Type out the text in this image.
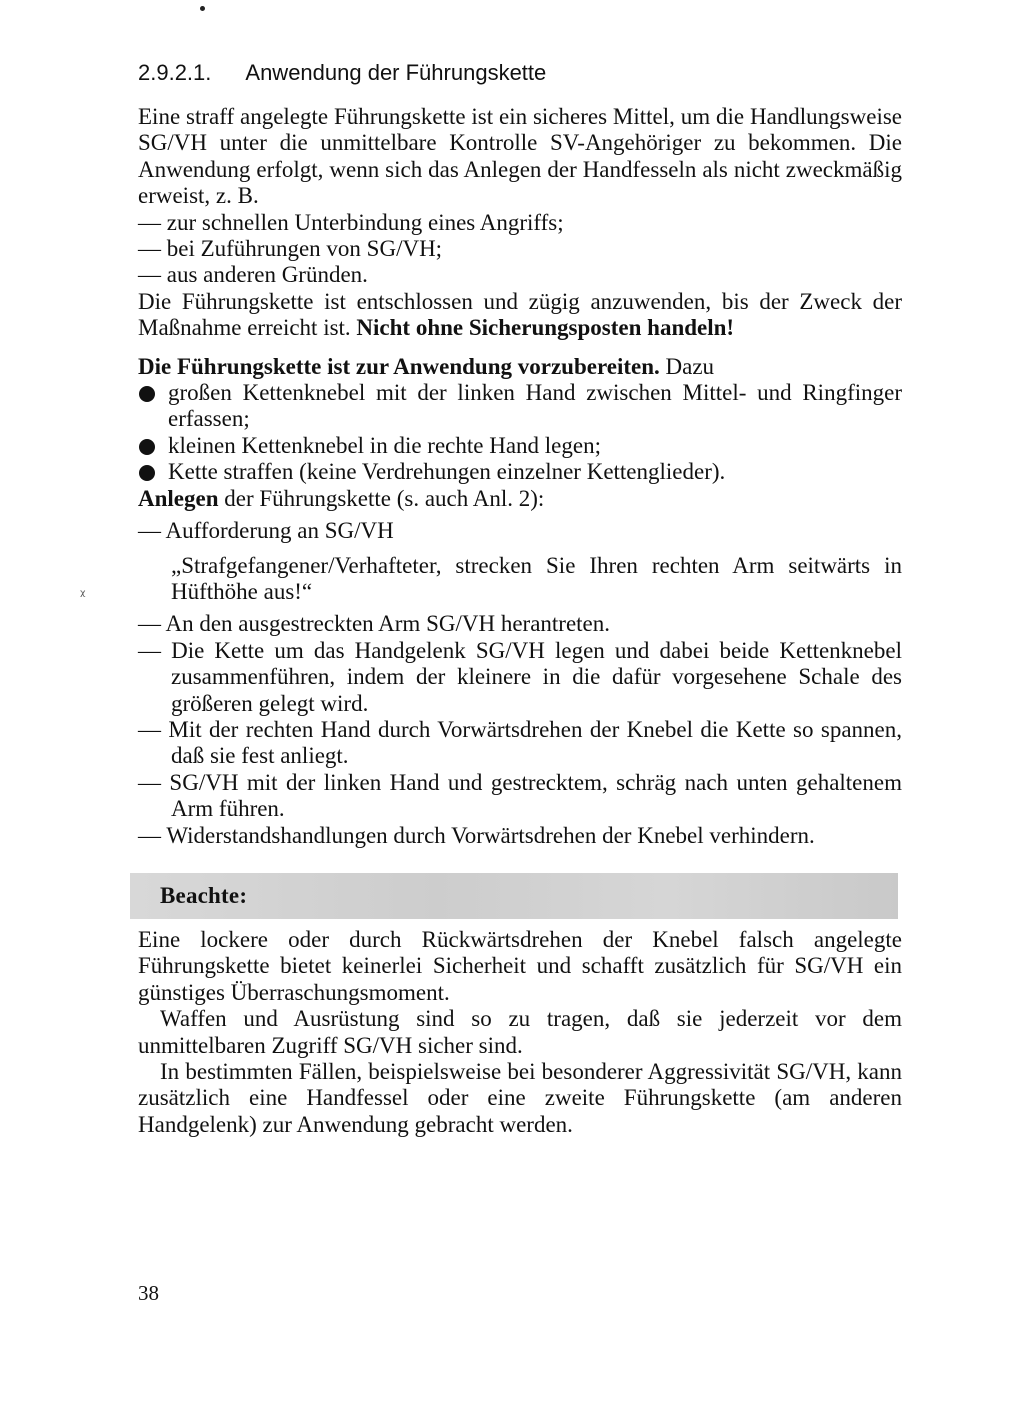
ᵡ
2.9.2.1. Anwendung der Führungskette

Eine straff angelegte Führungskette ist ein sicheres Mittel, um die Handlungsweise SG/VH unter die unmittelbare Kontrolle SV-Angehöriger zu bekommen. Die Anwendung erfolgt, wenn sich das Anlegen der Handfesseln als nicht zweckmäßig erweist, z. B.

— zur schnellen Unterbindung eines Angriffs;
— bei Zuführungen von SG/VH;
— aus anderen Gründen.

Die Führungskette ist entschlossen und zügig anzuwenden, bis der Zweck der Maßnahme erreicht ist. Nicht ohne Sicherungsposten handeln!

Die Führungskette ist zur Anwendung vorzubereiten. Dazu

großen Kettenknebel mit der linken Hand zwischen Mittel- und Ringfinger erfassen;
kleinen Kettenknebel in die rechte Hand legen;
Kette straffen (keine Verdrehungen einzelner Kettenglieder).

Anlegen der Führungskette (s. auch Anl. 2):

— Aufforderung an SG/VH

„Strafgefangener/Verhafteter, strecken Sie Ihren rechten Arm seitwärts in Hüfthöhe aus!“

— An den ausgestreckten Arm SG/VH herantreten.
— Die Kette um das Handgelenk SG/VH legen und dabei beide Kettenknebel zusammenführen, indem der kleinere in die dafür vorgesehene Schale des größeren gelegt wird.
— Mit der rechten Hand durch Vorwärtsdrehen der Knebel die Kette so spannen, daß sie fest anliegt.
— SG/VH mit der linken Hand und gestrecktem, schräg nach unten gehaltenem Arm führen.
— Widerstandshandlungen durch Vorwärtsdrehen der Knebel verhindern.
Beachte:

Eine lockere oder durch Rückwärtsdrehen der Knebel falsch angelegte Führungskette bietet keinerlei Sicherheit und schafft zusätzlich für SG/VH ein günstiges Überraschungsmoment.

Waffen und Ausrüstung sind so zu tragen, daß sie jederzeit vor dem unmittelbaren Zugriff SG/VH sicher sind.

In bestimmten Fällen, beispielsweise bei besonderer Aggressivität SG/VH, kann zusätzlich eine Handfessel oder eine zweite Führungskette (am anderen Handgelenk) zur Anwendung gebracht werden.

38
